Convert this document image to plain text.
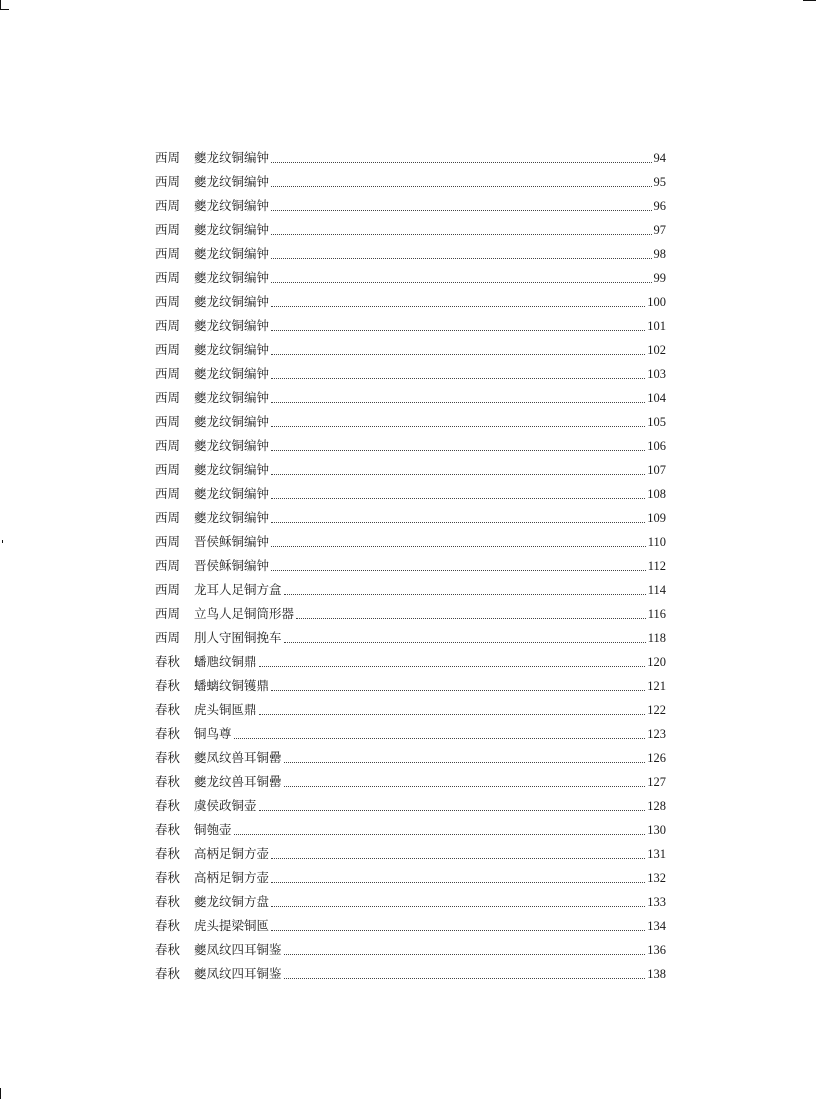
西周	夔龙纹铜编钟	94
西周	夔龙纹铜编钟	95
西周	夔龙纹铜编钟	96
西周	夔龙纹铜编钟	97
西周	夔龙纹铜编钟	98
西周	夔龙纹铜编钟	99
西周	夔龙纹铜编钟	100
西周	夔龙纹铜编钟	101
西周	夔龙纹铜编钟	102
西周	夔龙纹铜编钟	103
西周	夔龙纹铜编钟	104
西周	夔龙纹铜编钟	105
西周	夔龙纹铜编钟	106
西周	夔龙纹铜编钟	107
西周	夔龙纹铜编钟	108
西周	夔龙纹铜编钟	109
西周	晋侯稣铜编钟	110
西周	晋侯稣铜编钟	112
西周	龙耳人足铜方盒	114
西周	立鸟人足铜筒形器	116
西周	刖人守囿铜挽车	118
春秋	蟠虺纹铜鼎	120
春秋	蟠螭纹铜镬鼎	121
春秋	虎头铜匜鼎	122
春秋	铜鸟尊	123
春秋	夔凤纹兽耳铜罍	126
春秋	夔龙纹兽耳铜罍	127
春秋	虞侯政铜壶	128
春秋	铜匏壶	130
春秋	高柄足铜方壶	131
春秋	高柄足铜方壶	132
春秋	夔龙纹铜方盘	133
春秋	虎头提梁铜匜	134
春秋	夔凤纹四耳铜鉴	136
春秋	夔凤纹四耳铜鉴	138
